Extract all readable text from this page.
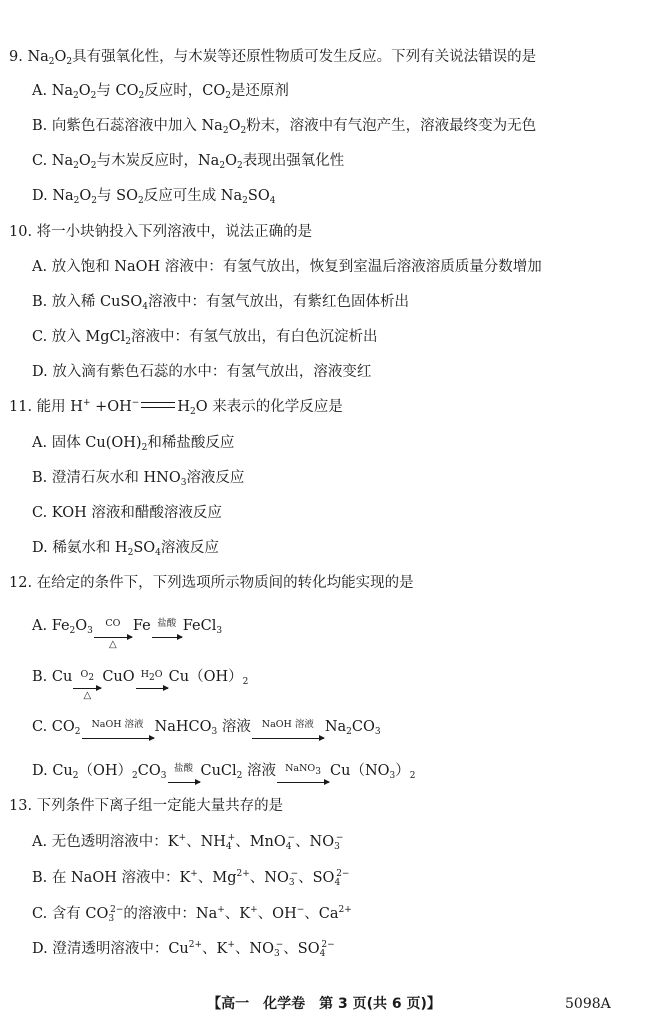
9. $Na_2O_2$具有强氧化性，与木炭等还原性物质可发生反应。下列有关说法错误的是
A. $Na_2O_2$与 $CO_2$反应时，$CO_2$是还原剂
B. 向紫色石蕊溶液中加入 $Na_2O_2$粉末，溶液中有气泡产生，溶液最终变为无色
C. $Na_2O_2$与木炭反应时，$Na_2O_2$表现出强氧化性
D. $Na_2O_2$与 $SO_2$反应可生成 $Na_2SO_4$
10. 将一小块钠投入下列溶液中，说法正确的是
A. 放入饱和 NaOH 溶液中：有氢气放出，恢复到室温后溶液溶质质量分数增加
B. 放入稀 CuSO$_4$溶液中：有氢气放出，有紫红色固体析出
C. 放入 MgCl$_2$溶液中：有氢气放出，有白色沉淀析出
D. 放入滴有紫色石蕊的水中：有氢气放出，溶液变红
11. 能用 H+ +OH−	$H_2O$ 来表示的化学反应是
A. 固体 $Cu(OH)_2$和稀盐酸反应
B. 澄清石灰水和 $HNO_3$溶液反应
C. KOH 溶液和醋酸溶液反应
D. 稀氨水和 $H_2SO_4$溶液反应
12. 在给定的条件下，下列选项所示物质间的转化均能实现的是
A. $Fe_2O_3$
CO
△
Fe 盐酸 FeCl$_3$
B. Cu $O_2$
△
CuO $H_2O$ $Cu(OH)_2$
C. $CO_2$
NaOH 溶液 NaHCO$_3$ 溶液	NaOH 溶液 $Na_2CO_3$
D. $Cu_2(OH)_2CO_3$
盐酸 CuCl$_2$ 溶液 NaNO$_3$ $Cu(NO_3)_2$
13. 下列条件下离子组一定能大量共存的是
A. 无色透明溶液中：K+、$NH_4^+$、MnO$_4$−、$NO_3^-$
B. 在 NaOH 溶液中：K+、$Mg^{2+}$、$NO_3^-$、$SO_4^{2-}$
C. 含有 $CO_3^{2-}$的溶液中：Na+、K+、OH−、$Ca^{2+}$
D. 澄清透明溶液中：$Cu^{2+}$、K+、$NO_3^-$、$SO_4^{2-}$
【高一　化学卷　第 3 页(共 6 页)】	5098A
